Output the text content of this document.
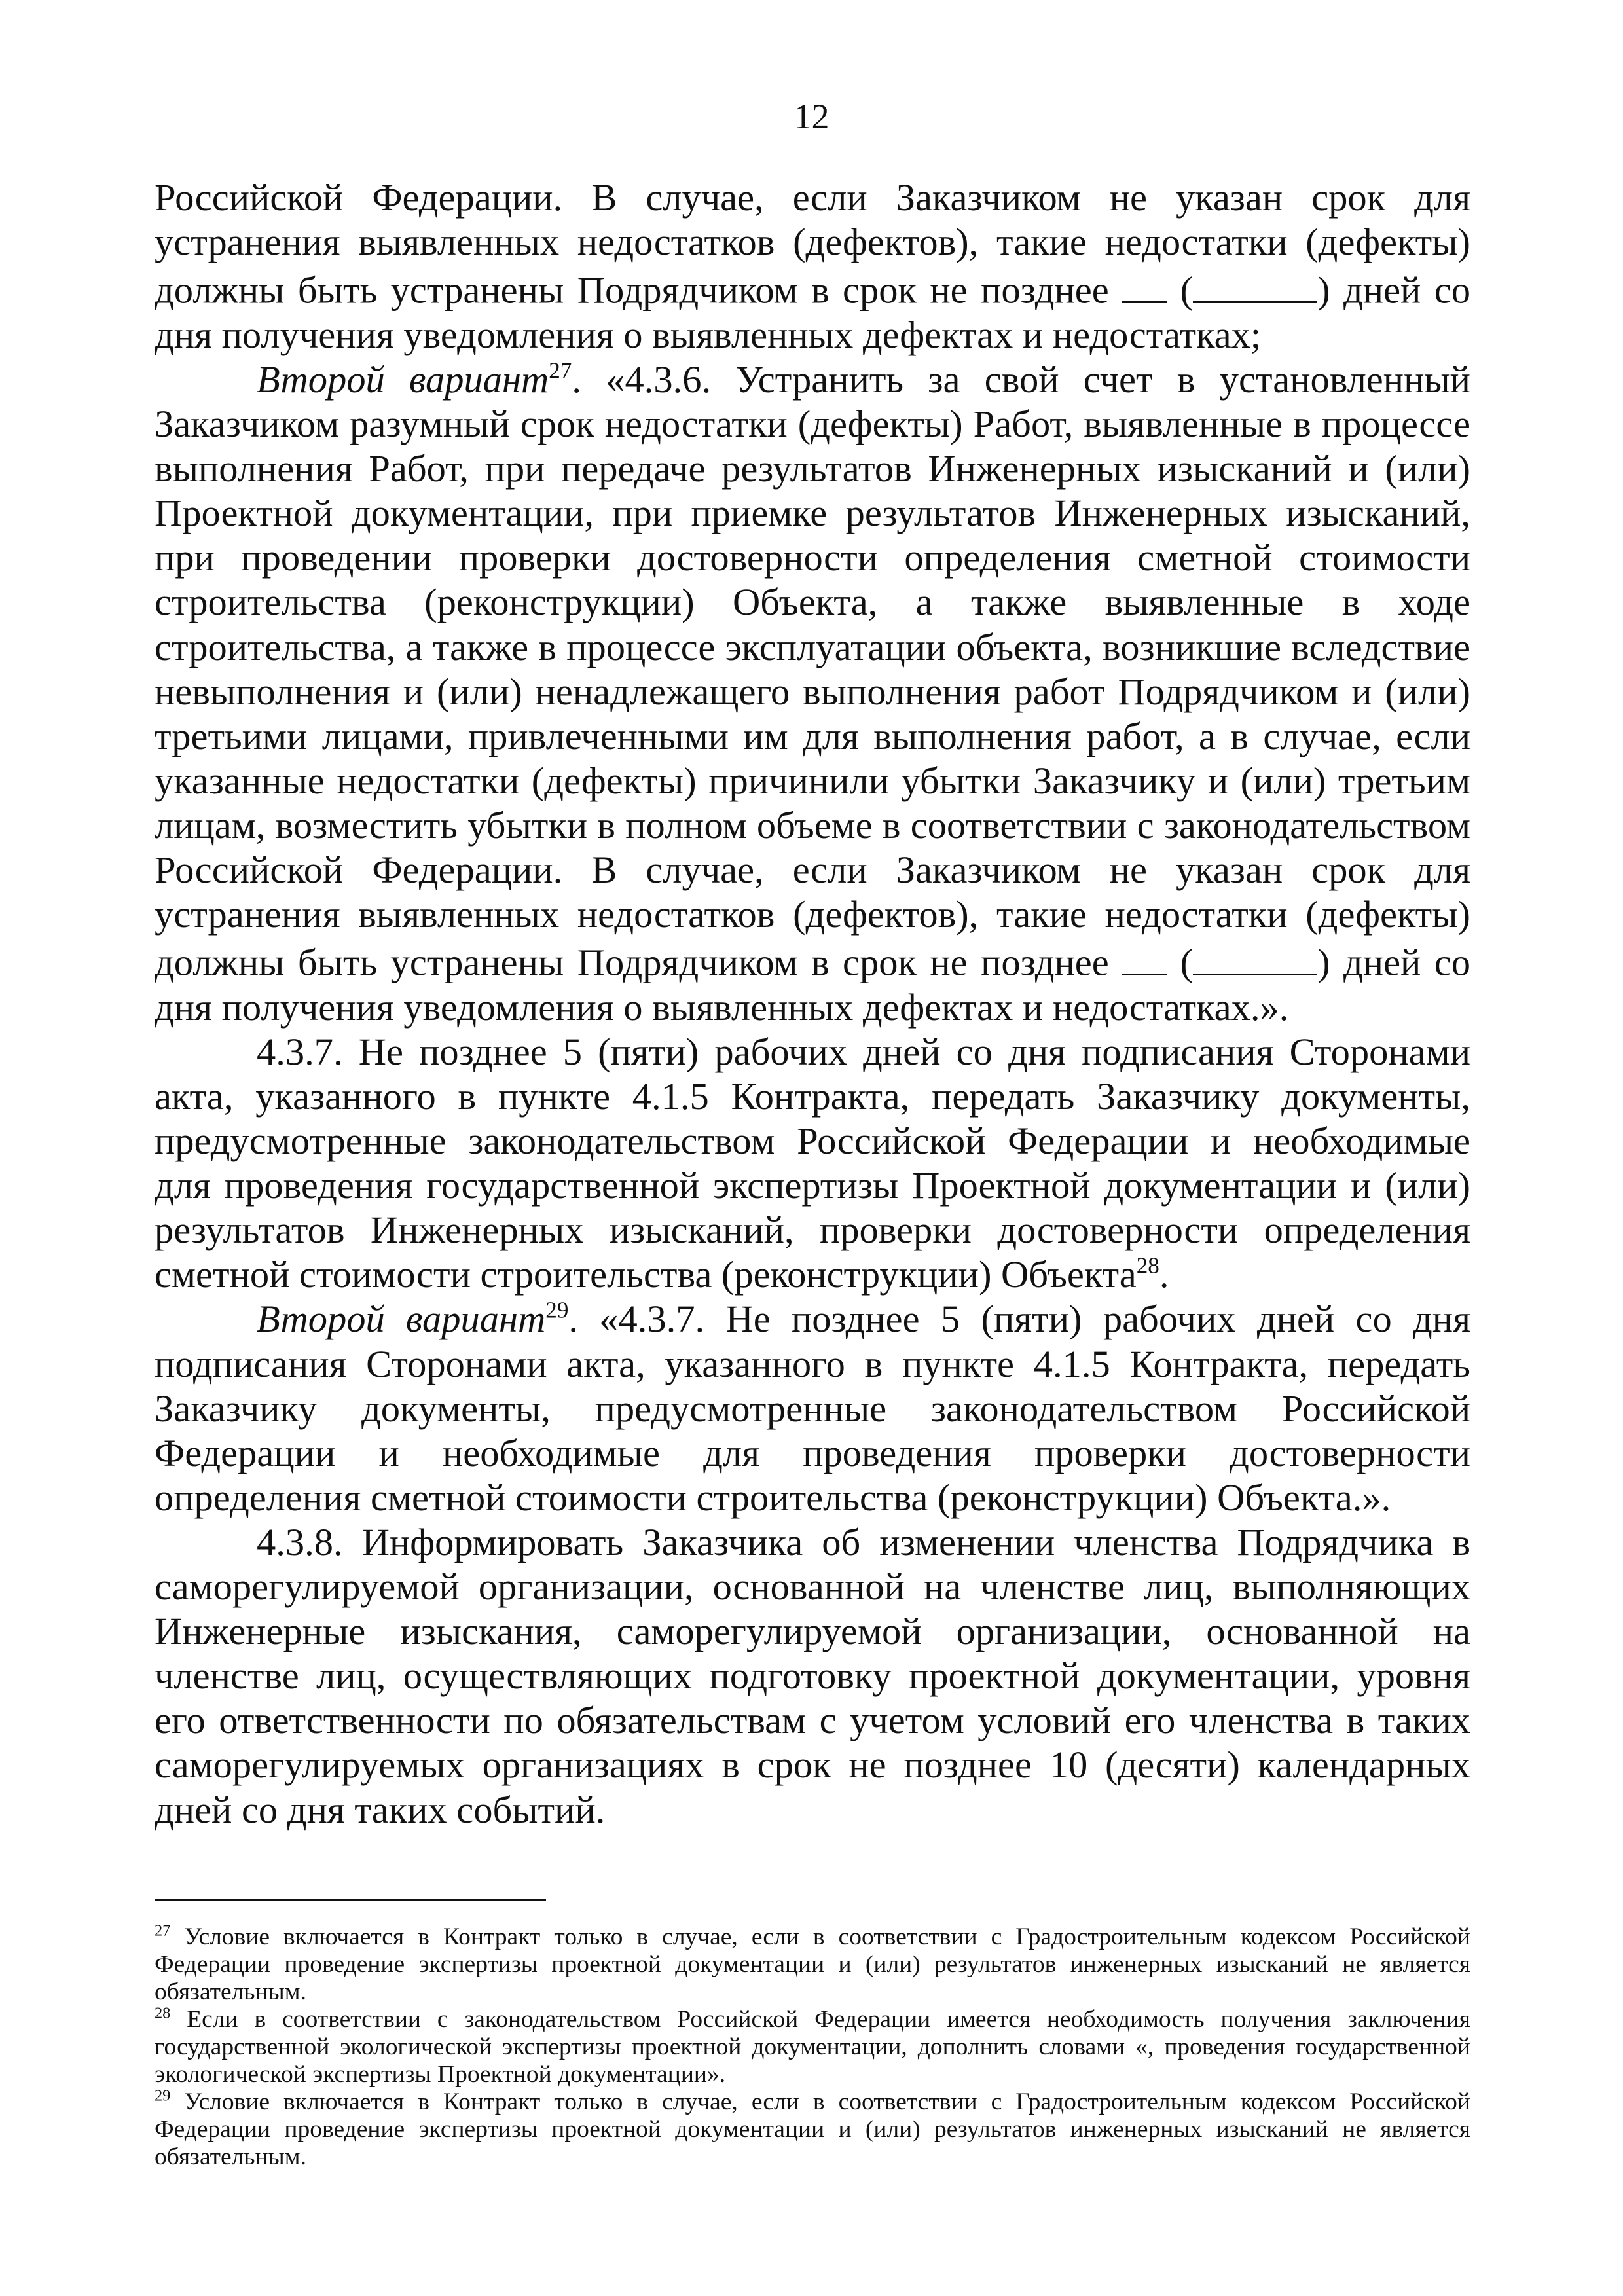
12

Российской Федерации. В случае, если Заказчиком не указан срок для устранения выявленных недостатков (дефектов), такие недостатки (дефекты) должны быть устранены Подрядчиком в срок не позднее  (	) дней со дня получения уведомления о выявленных дефектах и недостатках;

Второй вариант$^{27}$. «4.3.6. Устранить за свой счет в установленный Заказчиком разумный срок недостатки (дефекты) Работ, выявленные в процессе выполнения Работ, при передаче результатов Инженерных изысканий и (или) Проектной документации, при приемке результатов Инженерных изысканий, при проведении проверки достоверности определения сметной стоимости строительства (реконструкции) Объекта, а также выявленные в ходе строительства, а также в процессе эксплуатации объекта, возникшие вследствие невыполнения и (или) ненадлежащего выполнения работ Подрядчиком и (или) третьими лицами, привлеченными им для выполнения работ, а в случае, если указанные недостатки (дефекты) причинили убытки Заказчику и (или) третьим лицам, возместить убытки в полном объеме в соответствии с законодательством Российской Федерации. В случае, если Заказчиком не указан срок для устранения выявленных недостатков (дефектов), такие недостатки (дефекты) должны быть устранены Подрядчиком в срок не позднее  (	) дней со дня получения уведомления о выявленных дефектах и недостатках.».

4.3.7. Не позднее 5 (пяти) рабочих дней со дня подписания Сторонами акта, указанного в пункте 4.1.5 Контракта, передать Заказчику документы, предусмотренные законодательством Российской Федерации и необходимые для проведения государственной экспертизы Проектной документации и (или) результатов Инженерных изысканий, проверки достоверности определения сметной стоимости строительства (реконструкции) Объекта$^{28}$.

Второй вариант$^{29}$. «4.3.7. Не позднее 5 (пяти) рабочих дней со дня подписания Сторонами акта, указанного в пункте 4.1.5 Контракта, передать Заказчику документы, предусмотренные законодательством Российской Федерации и необходимые для проведения проверки достоверности определения сметной стоимости строительства (реконструкции) Объекта.».

4.3.8. Информировать Заказчика об изменении членства Подрядчика в саморегулируемой организации, основанной на членстве лиц, выполняющих Инженерные изыскания, саморегулируемой организации, основанной на членстве лиц, осуществляющих подготовку проектной документации, уровня его ответственности по обязательствам с учетом условий его членства в таких саморегулируемых организациях в срок не позднее 10 (десяти) календарных дней со дня таких событий.

$^{27}$ Условие включается в Контракт только в случае, если в соответствии с Градостроительным кодексом Российской Федерации проведение экспертизы проектной документации и (или) результатов инженерных изысканий не является обязательным.

$^{28}$ Если в соответствии с законодательством Российской Федерации имеется необходимость получения заключения государственной экологической экспертизы проектной документации, дополнить словами «, проведения государственной экологической экспертизы Проектной документации».

$^{29}$ Условие включается в Контракт только в случае, если в соответствии с Градостроительным кодексом Российской Федерации проведение экспертизы проектной документации и (или) результатов инженерных изысканий не является обязательным.
